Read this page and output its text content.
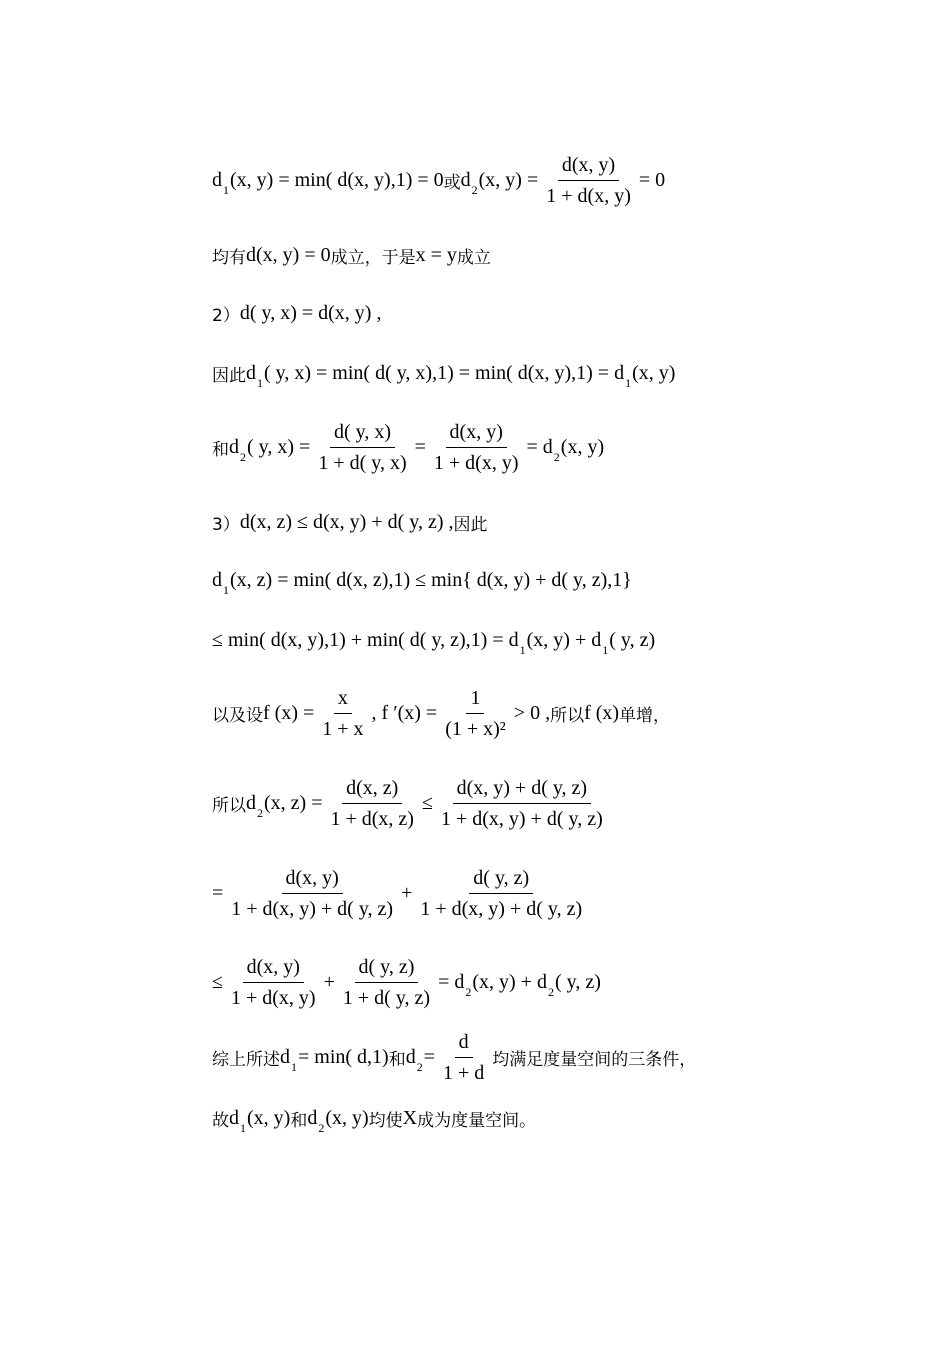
d 1 (x, y) = min( d(x, y),1) = 0 或 d 2 (x, $y) = \frac{d(x, y)}{1 + d(x, y)} = 0$
均有 d(x, y) = 0 成立，于是 x = y 成立
2） d( y, x) = d(x, y) ,
因此 d 1 ( y, x) = min( d( y, x),1) = min( d(x, y),1) = d 1 (x, y)
和 d 2 ( y, $x) = \frac{d( y, x)}{1 + d( y, x)} = \frac{d(x, y)}{1 + d(x, y)} = d$ 2 (x, y)
3） d(x, z) ≤ d(x, y) + d( y, z) , 因此
d 1 (x, z) = min( d(x, z),1) ≤ min{ d(x, y) + d( y, z),1}
≤ min( d(x, y),1) + min( d( y, z),1) = d 1 (x, y) + d 1 ( y, z)
以及设 f $(x) = \frac{x}{1 + x}$ , f $'(x) = \frac{1}{\text{(1 + x)²}} > 0$ , 所以 f (x) 单增，
所以 d 2 (x, $z) = \frac{d(x, z)}{1 + d(x, z)} \le \frac{d(x, y) + d( y, z)}{1 + d(x, y) + d( y, z)}$
= $\frac{d(x, y)}{1 + d(x, y) + d( y, z)} + \frac{d( y, z)}{1 + d(x, y) + d( y, z)}$
≤ $\frac{d(x, y)}{1 + d(x, y)} + \frac{d( y, z)}{1 + d( y, z)} = d$ 2 (x, y) + d 2 ( y, z)
综上所述 d 1 = min( d,1) 和 d $2 = \frac{d}{1 + d}$ 均满足度量空间的三条件，
故 d 1 (x, y) 和 d 2 (x, y) 均使 X 成为度量空间。
